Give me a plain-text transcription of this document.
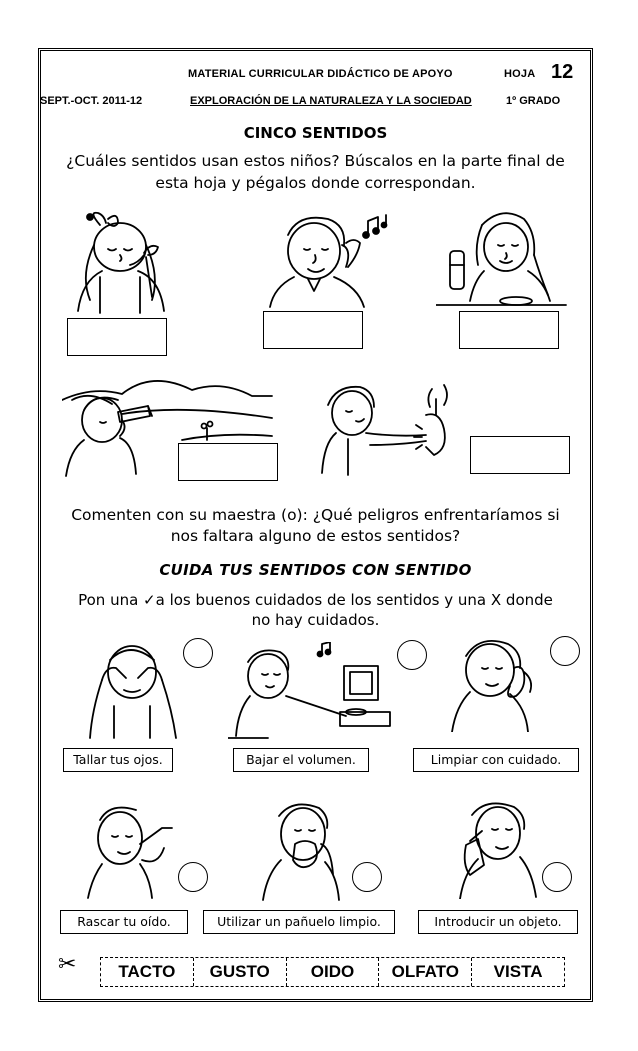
MATERIAL CURRICULAR DIDÁCTICO DE APOYO	HOJA 12
SEPT.-OCT. 2011-12	EXPLORACIÓN DE LA NATURALEZA Y LA SOCIEDAD	1º GRADO
CINCO SENTIDOS
¿Cuáles sentidos usan estos niños? Búscalos en la parte final de
esta hoja y pégalos donde correspondan.
Comenten con su maestra (o): ¿Qué peligros enfrentaríamos si
nos faltara alguno de estos sentidos?
CUIDA TUS SENTIDOS CON SENTIDO
Pon una ✓a los buenos cuidados de los sentidos y una X donde
no hay cuidados.
Tallar tus ojos.	Bajar el volumen.	Limpiar con cuidado.
Rascar tu oído.	Utilizar un pañuelo limpio.	Introducir un objeto.
✂	TACTO	GUSTO	OIDO	OLFATO	VISTA
